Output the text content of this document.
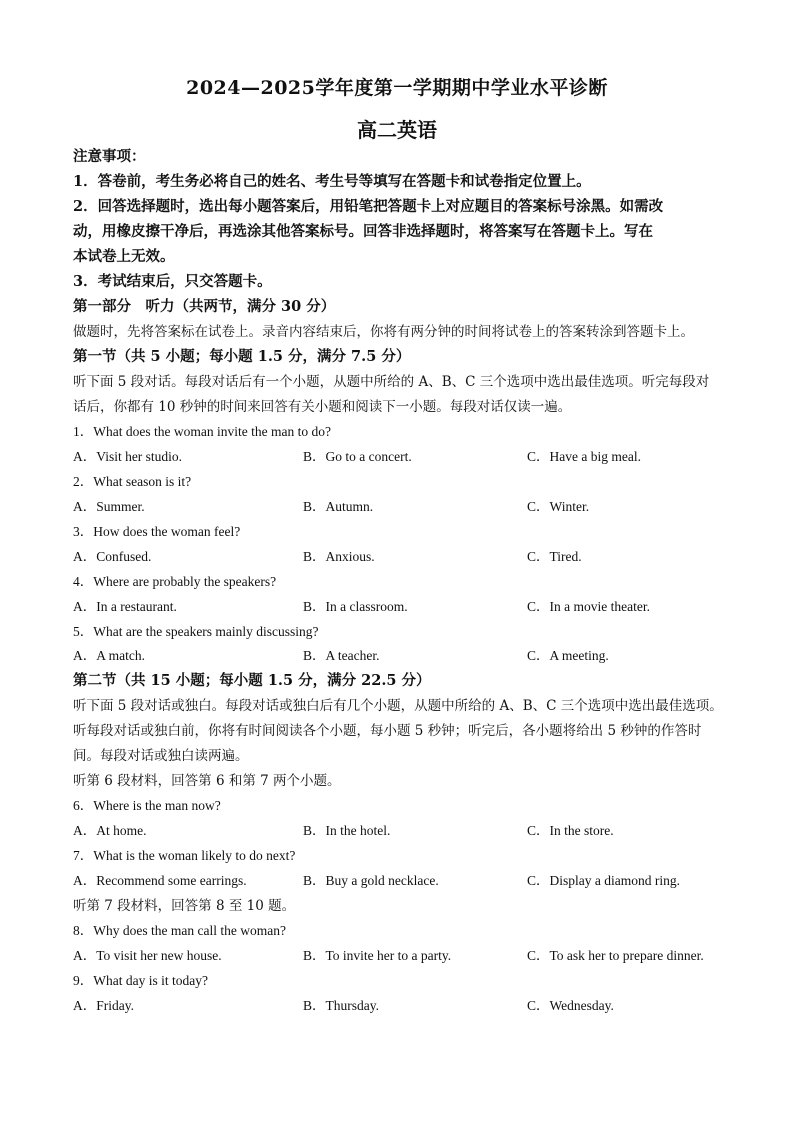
2024—2025学年度第一学期期中学业水平诊断
高二英语
注意事项：
1．答卷前，考生务必将自己的姓名、考生号等填写在答题卡和试卷指定位置上。
2．回答选择题时，选出每小题答案后，用铅笔把答题卡上对应题目的答案标号涂黑。如需改
动，用橡皮擦干净后，再选涂其他答案标号。回答非选择题时，将答案写在答题卡上。写在
本试卷上无效。
3．考试结束后，只交答题卡。
第一部分　听力（共两节，满分 30 分）
做题时，先将答案标在试卷上。录音内容结束后，你将有两分钟的时间将试卷上的答案转涂到答题卡上。
第一节（共 5 小题；每小题 1.5 分，满分 7.5 分）
听下面 5 段对话。每段对话后有一个小题，从题中所给的 A、B、C 三个选项中选出最佳选项。听完每段对
话后，你都有 10 秒钟的时间来回答有关小题和阅读下一小题。每段对话仅读一遍。
1．What does the woman invite the man to do?
A．Visit her studio.	B．Go to a concert.	C．Have a big meal.
2．What season is it?
A．Summer.	B．Autumn.	C．Winter.
3．How does the woman feel?
A．Confused.	B．Anxious.	C．Tired.
4．Where are probably the speakers?
A．In a restaurant.	B．In a classroom.	C．In a movie theater.
5．What are the speakers mainly discussing?
A．A match.	B．A teacher.	C．A meeting.
第二节（共 15 小题；每小题 1.5 分，满分 22.5 分）
听下面 5 段对话或独白。每段对话或独白后有几个小题，从题中所给的 A、B、C 三个选项中选出最佳选项。
听每段对话或独白前，你将有时间阅读各个小题，每小题 5 秒钟；听完后，各小题将给出 5 秒钟的作答时
间。每段对话或独白读两遍。
听第 6 段材料，回答第 6 和第 7 两个小题。
6．Where is the man now?
A．At home.	B．In the hotel.	C．In the store.
7．What is the woman likely to do next?
A．Recommend some earrings.	B．Buy a gold necklace.	C．Display a diamond ring.
听第 7 段材料，回答第 8 至 10 题。
8．Why does the man call the woman?
A．To visit her new house.	B．To invite her to a party.	C．To ask her to prepare dinner.
9．What day is it today?
A．Friday.	B．Thursday.	C．Wednesday.
